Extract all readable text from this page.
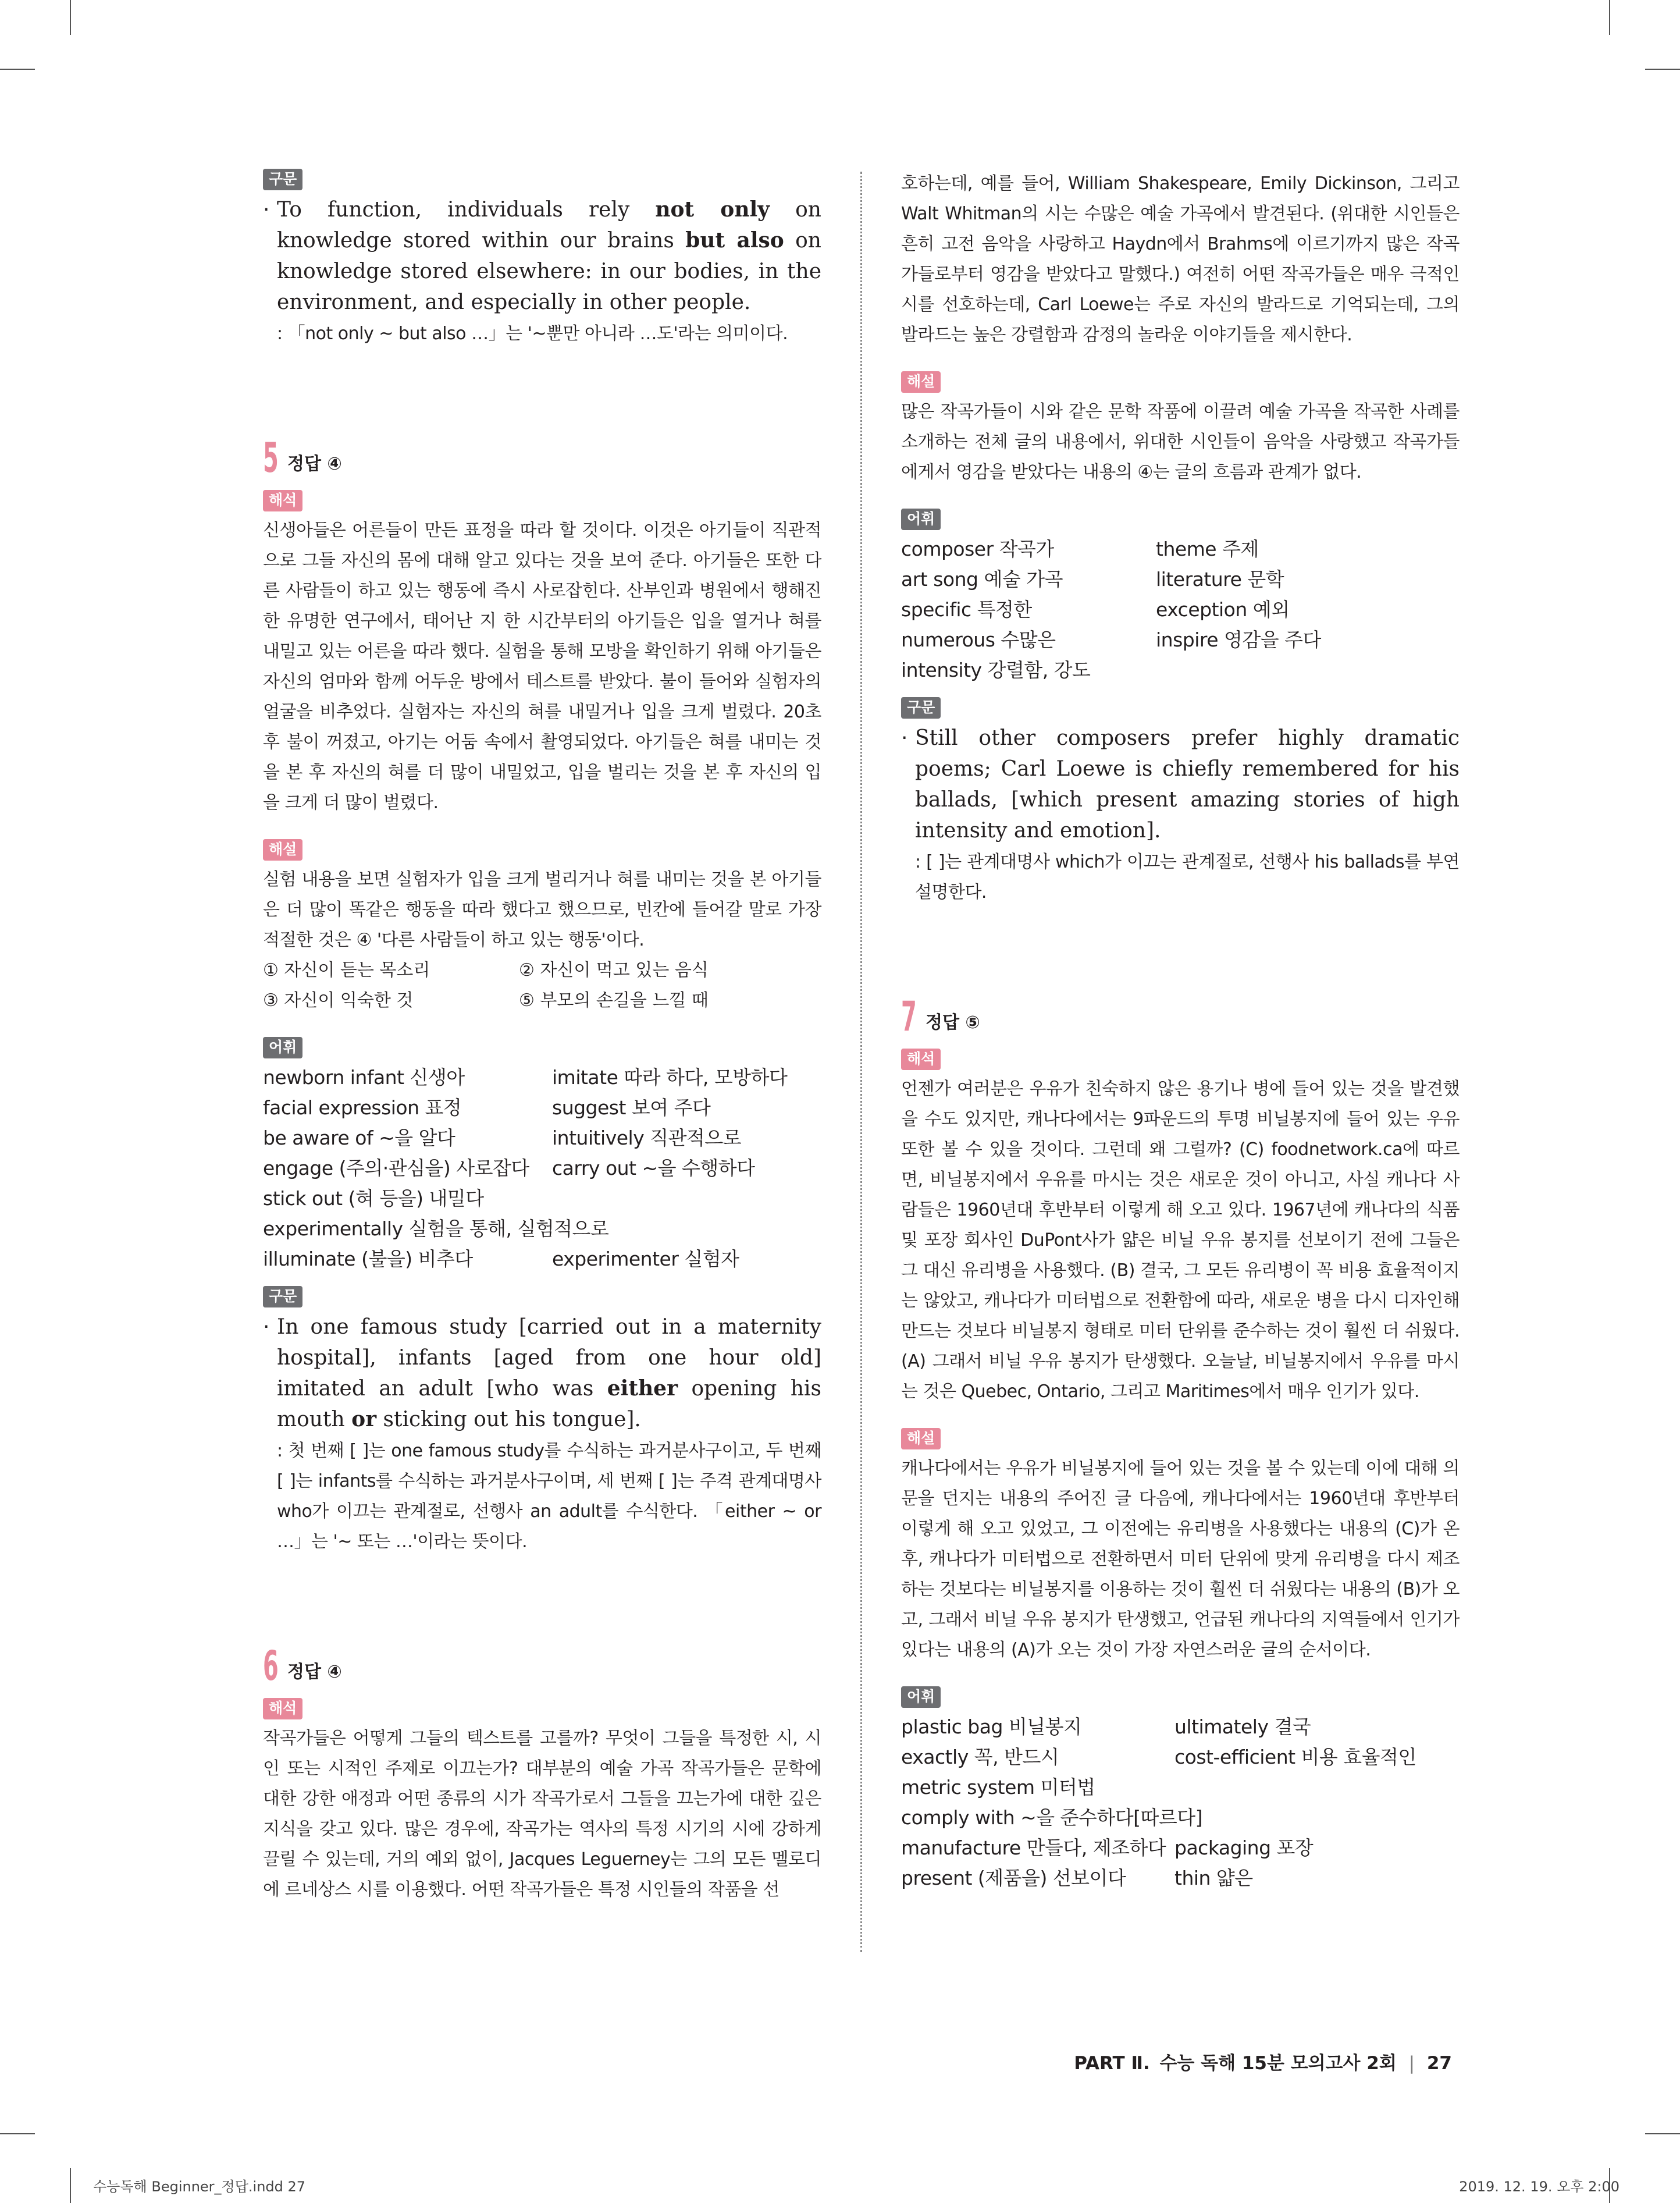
구문

· To function, individuals rely not only on knowledge stored within our brains but also on knowledge stored elsewhere: in our bodies, in the environment, and especially in other people.

: 「not only ~ but also …」는 '~뿐만 아니라 …도'라는 의미이다.

5 정답 ④
해석

신생아들은 어른들이 만든 표정을 따라 할 것이다. 이것은 아기들이 직관적으로 그들 자신의 몸에 대해 알고 있다는 것을 보여 준다. 아기들은 또한 다른 사람들이 하고 있는 행동에 즉시 사로잡힌다. 산부인과 병원에서 행해진 한 유명한 연구에서, 태어난 지 한 시간부터의 아기들은 입을 열거나 혀를 내밀고 있는 어른을 따라 했다. 실험을 통해 모방을 확인하기 위해 아기들은 자신의 엄마와 함께 어두운 방에서 테스트를 받았다. 불이 들어와 실험자의 얼굴을 비추었다. 실험자는 자신의 혀를 내밀거나 입을 크게 벌렸다. 20초 후 불이 꺼졌고, 아기는 어둠 속에서 촬영되었다. 아기들은 혀를 내미는 것을 본 후 자신의 혀를 더 많이 내밀었고, 입을 벌리는 것을 본 후 자신의 입을 크게 더 많이 벌렸다.

해설

실험 내용을 보면 실험자가 입을 크게 벌리거나 혀를 내미는 것을 본 아기들은 더 많이 똑같은 행동을 따라 했다고 했으므로, 빈칸에 들어갈 말로 가장 적절한 것은 ④ '다른 사람들이 하고 있는 행동'이다.

① 자신이 듣는 목소리	② 자신이 먹고 있는 음식
③ 자신이 익숙한 것	⑤ 부모의 손길을 느낄 때
어휘
newborn infant 신생아	imitate 따라 하다, 모방하다
facial expression 표정	suggest 보여 주다
be aware of ~을 알다	intuitively 직관적으로
engage (주의·관심을) 사로잡다	carry out ~을 수행하다
stick out (혀 등을) 내밀다
experimentally 실험을 통해, 실험적으로
illuminate (불을) 비추다	experimenter 실험자
구문

· In one famous study [carried out in a maternity hospital], infants [aged from one hour old] imitated an adult [who was either opening his mouth or sticking out his tongue].

: 첫 번째 [ ]는 one famous study를 수식하는 과거분사구이고, 두 번째 [ ]는 infants를 수식하는 과거분사구이며, 세 번째 [ ]는 주격 관계대명사 who가 이끄는 관계절로, 선행사 an adult를 수식한다. 「either ~ or …」는 '~ 또는 …'이라는 뜻이다.

6 정답 ④
해석

작곡가들은 어떻게 그들의 텍스트를 고를까? 무엇이 그들을 특정한 시, 시인 또는 시적인 주제로 이끄는가? 대부분의 예술 가곡 작곡가들은 문학에 대한 강한 애정과 어떤 종류의 시가 작곡가로서 그들을 끄는가에 대한 깊은 지식을 갖고 있다. 많은 경우에, 작곡가는 역사의 특정 시기의 시에 강하게 끌릴 수 있는데, 거의 예외 없이, Jacques Leguerney는 그의 모든 멜로디에 르네상스 시를 이용했다. 어떤 작곡가들은 특정 시인들의 작품을 선

호하는데, 예를 들어, William Shakespeare, Emily Dickinson, 그리고 Walt Whitman의 시는 수많은 예술 가곡에서 발견된다. (위대한 시인들은 흔히 고전 음악을 사랑하고 Haydn에서 Brahms에 이르기까지 많은 작곡가들로부터 영감을 받았다고 말했다.) 여전히 어떤 작곡가들은 매우 극적인 시를 선호하는데, Carl Loewe는 주로 자신의 발라드로 기억되는데, 그의 발라드는 높은 강렬함과 감정의 놀라운 이야기들을 제시한다.

해설

많은 작곡가들이 시와 같은 문학 작품에 이끌려 예술 가곡을 작곡한 사례를 소개하는 전체 글의 내용에서, 위대한 시인들이 음악을 사랑했고 작곡가들에게서 영감을 받았다는 내용의 ④는 글의 흐름과 관계가 없다.

어휘
composer 작곡가	theme 주제
art song 예술 가곡	literature 문학
specific 특정한	exception 예외
numerous 수많은	inspire 영감을 주다
intensity 강렬함, 강도
구문

· Still other composers prefer highly dramatic poems; Carl Loewe is chiefly remembered for his ballads, [which present amazing stories of high intensity and emotion].

: [ ]는 관계대명사 which가 이끄는 관계절로, 선행사 his ballads를 부연 설명한다.

7 정답 ⑤
해석

언젠가 여러분은 우유가 친숙하지 않은 용기나 병에 들어 있는 것을 발견했을 수도 있지만, 캐나다에서는 9파운드의 투명 비닐봉지에 들어 있는 우유 또한 볼 수 있을 것이다. 그런데 왜 그럴까? (C) foodnetwork.ca에 따르면, 비닐봉지에서 우유를 마시는 것은 새로운 것이 아니고, 사실 캐나다 사람들은 1960년대 후반부터 이렇게 해 오고 있다. 1967년에 캐나다의 식품 및 포장 회사인 DuPont사가 얇은 비닐 우유 봉지를 선보이기 전에 그들은 그 대신 유리병을 사용했다. (B) 결국, 그 모든 유리병이 꼭 비용 효율적이지는 않았고, 캐나다가 미터법으로 전환함에 따라, 새로운 병을 다시 디자인해 만드는 것보다 비닐봉지 형태로 미터 단위를 준수하는 것이 훨씬 더 쉬웠다. (A) 그래서 비닐 우유 봉지가 탄생했다. 오늘날, 비닐봉지에서 우유를 마시는 것은 Quebec, Ontario, 그리고 Maritimes에서 매우 인기가 있다.

해설

캐나다에서는 우유가 비닐봉지에 들어 있는 것을 볼 수 있는데 이에 대해 의문을 던지는 내용의 주어진 글 다음에, 캐나다에서는 1960년대 후반부터 이렇게 해 오고 있었고, 그 이전에는 유리병을 사용했다는 내용의 (C)가 온 후, 캐나다가 미터법으로 전환하면서 미터 단위에 맞게 유리병을 다시 제조하는 것보다는 비닐봉지를 이용하는 것이 훨씬 더 쉬웠다는 내용의 (B)가 오고, 그래서 비닐 우유 봉지가 탄생했고, 언급된 캐나다의 지역들에서 인기가 있다는 내용의 (A)가 오는 것이 가장 자연스러운 글의 순서이다.

어휘
plastic bag 비닐봉지	ultimately 결국
exactly 꼭, 반드시	cost-efficient 비용 효율적인
metric system 미터법
comply with ~을 준수하다[따르다]
manufacture 만들다, 제조하다 packaging 포장
present (제품을) 선보이다	thin 얇은
PART Ⅱ. 수능 독해 15분 모의고사 2회 | 27
수능독해 Beginner_정답.indd 27	2019. 12. 19. 오후 2:00
